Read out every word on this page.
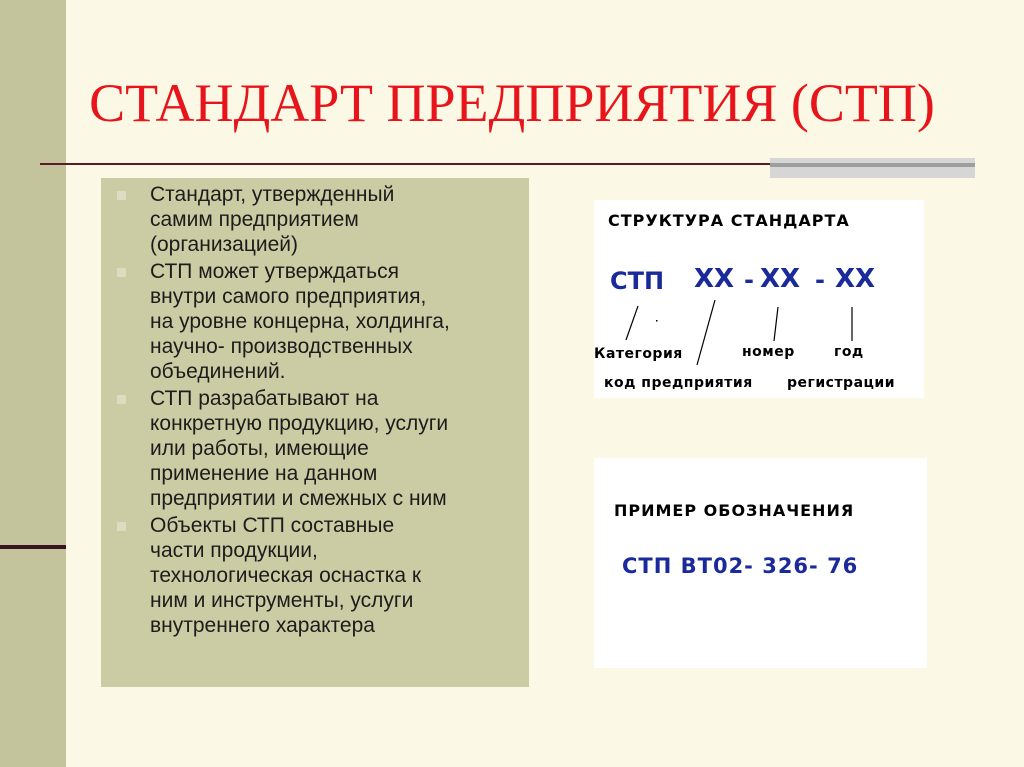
СТАНДАРТ ПРЕДПРИЯТИЯ (СТП)
Стандарт, утвержденный
самим предприятием
(организацией)
СТП может утверждаться
внутри самого предприятия,
на уровне концерна, холдинга,
научно- производственных
объединений.
СТП разрабатывают на
конкретную продукцию, услуги
или работы, имеющие
применение на данном
предприятии и смежных с ним
Объекты СТП составные
части продукции,
технологическая оснастка к
ним и инструменты, услуги
внутреннего характера
СТРУКТУРА СТАНДАРТА
СТП ХХ - ХХ - ХХ
Категория	номер	год
код предприятия регистрации
ПРИМЕР ОБОЗНАЧЕНИЯ
СТП ВТ02- 326- 76
